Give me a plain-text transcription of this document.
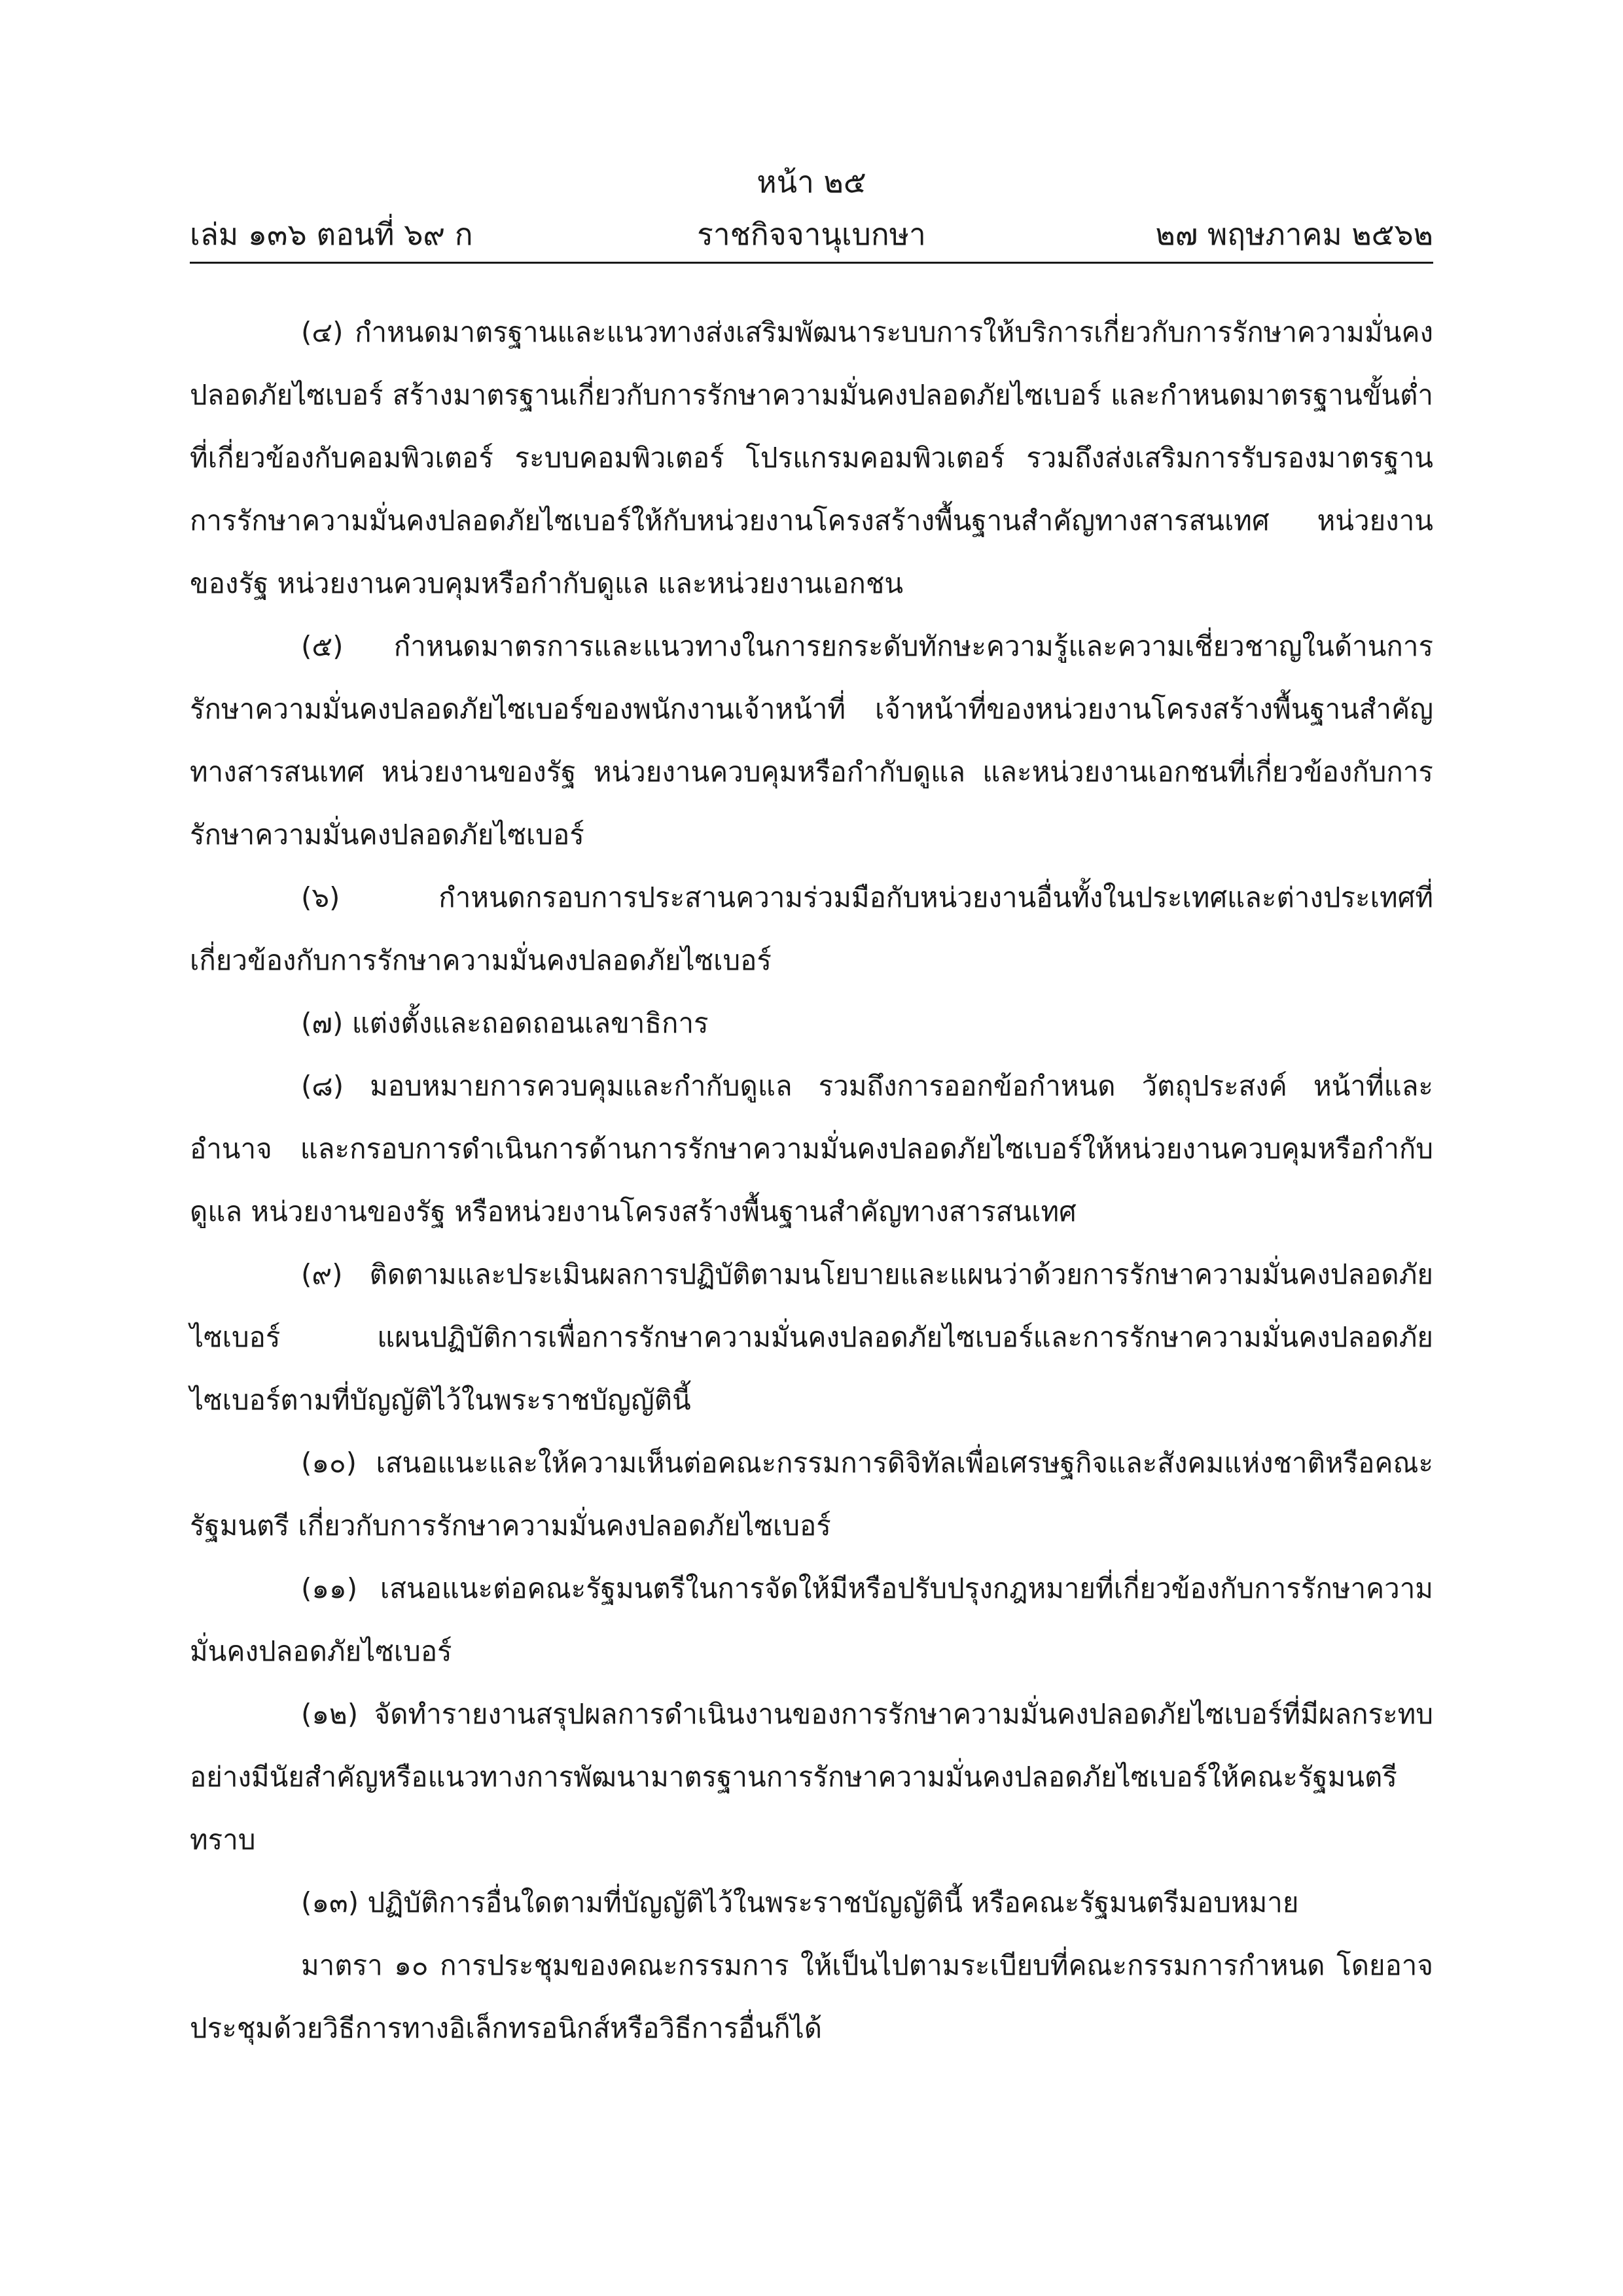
หน้า ๒๕
ราชกิจจานุเบกษา
เล่ม ๑๓๖ ตอนที่ ๖๙ ก	๒๗ พฤษภาคม ๒๕๖๒

(๔) กำหนดมาตรฐานและแนวทางส่งเสริมพัฒนาระบบการให้บริการเกี่ยวกับการรักษาความมั่นคงปลอดภัยไซเบอร์ สร้างมาตรฐานเกี่ยวกับการรักษาความมั่นคงปลอดภัยไซเบอร์ และกำหนดมาตรฐานขั้นต่ำที่เกี่ยวข้องกับคอมพิวเตอร์ ระบบคอมพิวเตอร์ โปรแกรมคอมพิวเตอร์ รวมถึงส่งเสริมการรับรองมาตรฐานการรักษาความมั่นคงปลอดภัยไซเบอร์ให้กับหน่วยงานโครงสร้างพื้นฐานสำคัญทางสารสนเทศ หน่วยงานของรัฐ หน่วยงานควบคุมหรือกำกับดูแล และหน่วยงานเอกชน

(๕) กำหนดมาตรการและแนวทางในการยกระดับทักษะความรู้และความเชี่ยวชาญในด้านการรักษาความมั่นคงปลอดภัยไซเบอร์ของพนักงานเจ้าหน้าที่ เจ้าหน้าที่ของหน่วยงานโครงสร้างพื้นฐานสำคัญทางสารสนเทศ หน่วยงานของรัฐ หน่วยงานควบคุมหรือกำกับดูแล และหน่วยงานเอกชนที่เกี่ยวข้องกับการรักษาความมั่นคงปลอดภัยไซเบอร์

(๖) กำหนดกรอบการประสานความร่วมมือกับหน่วยงานอื่นทั้งในประเทศและต่างประเทศที่เกี่ยวข้องกับการรักษาความมั่นคงปลอดภัยไซเบอร์

(๗) แต่งตั้งและถอดถอนเลขาธิการ

(๘) มอบหมายการควบคุมและกำกับดูแล รวมถึงการออกข้อกำหนด วัตถุประสงค์ หน้าที่และอำนาจ และกรอบการดำเนินการด้านการรักษาความมั่นคงปลอดภัยไซเบอร์ให้หน่วยงานควบคุมหรือกำกับดูแล หน่วยงานของรัฐ หรือหน่วยงานโครงสร้างพื้นฐานสำคัญทางสารสนเทศ

(๙) ติดตามและประเมินผลการปฏิบัติตามนโยบายและแผนว่าด้วยการรักษาความมั่นคงปลอดภัยไซเบอร์ แผนปฏิบัติการเพื่อการรักษาความมั่นคงปลอดภัยไซเบอร์และการรักษาความมั่นคงปลอดภัยไซเบอร์ตามที่บัญญัติไว้ในพระราชบัญญัตินี้

(๑๐) เสนอแนะและให้ความเห็นต่อคณะกรรมการดิจิทัลเพื่อเศรษฐกิจและสังคมแห่งชาติหรือคณะรัฐมนตรี เกี่ยวกับการรักษาความมั่นคงปลอดภัยไซเบอร์

(๑๑) เสนอแนะต่อคณะรัฐมนตรีในการจัดให้มีหรือปรับปรุงกฎหมายที่เกี่ยวข้องกับการรักษาความมั่นคงปลอดภัยไซเบอร์

(๑๒) จัดทำรายงานสรุปผลการดำเนินงานของการรักษาความมั่นคงปลอดภัยไซเบอร์ที่มีผลกระทบอย่างมีนัยสำคัญหรือแนวทางการพัฒนามาตรฐานการรักษาความมั่นคงปลอดภัยไซเบอร์ให้คณะรัฐมนตรีทราบ

(๑๓) ปฏิบัติการอื่นใดตามที่บัญญัติไว้ในพระราชบัญญัตินี้ หรือคณะรัฐมนตรีมอบหมาย

มาตรา ๑๐ การประชุมของคณะกรรมการ ให้เป็นไปตามระเบียบที่คณะกรรมการกำหนด โดยอาจประชุมด้วยวิธีการทางอิเล็กทรอนิกส์หรือวิธีการอื่นก็ได้
